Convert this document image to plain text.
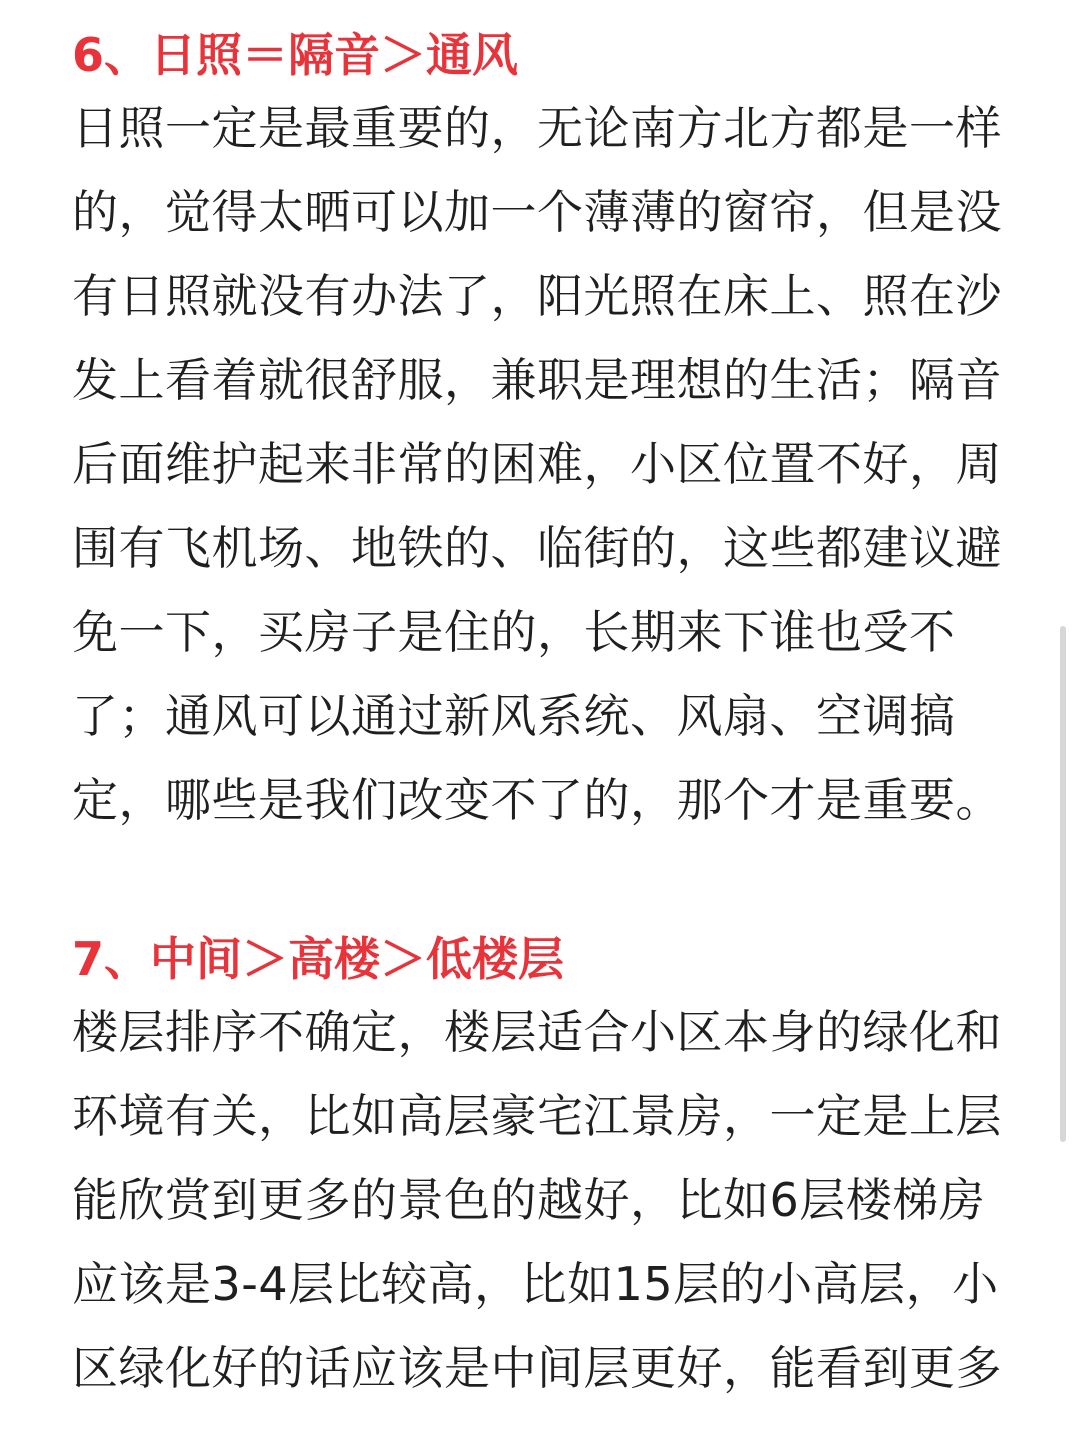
6、日照＝隔音＞通风
日照一定是最重要的，无论南方北方都是一样
的，觉得太晒可以加一个薄薄的窗帘，但是没
有日照就没有办法了，阳光照在床上、照在沙
发上看着就很舒服，兼职是理想的生活；隔音
后面维护起来非常的困难，小区位置不好，周
围有飞机场、地铁的、临街的，这些都建议避
免一下，买房子是住的，长期来下谁也受不
了；通风可以通过新风系统、风扇、空调搞
定，哪些是我们改变不了的，那个才是重要。
7、中间＞高楼＞低楼层
楼层排序不确定，楼层适合小区本身的绿化和
环境有关，比如高层豪宅江景房，一定是上层
能欣赏到更多的景色的越好，比如6层楼梯房
应该是3-4层比较高，比如15层的小高层，小
区绿化好的话应该是中间层更好，能看到更多
